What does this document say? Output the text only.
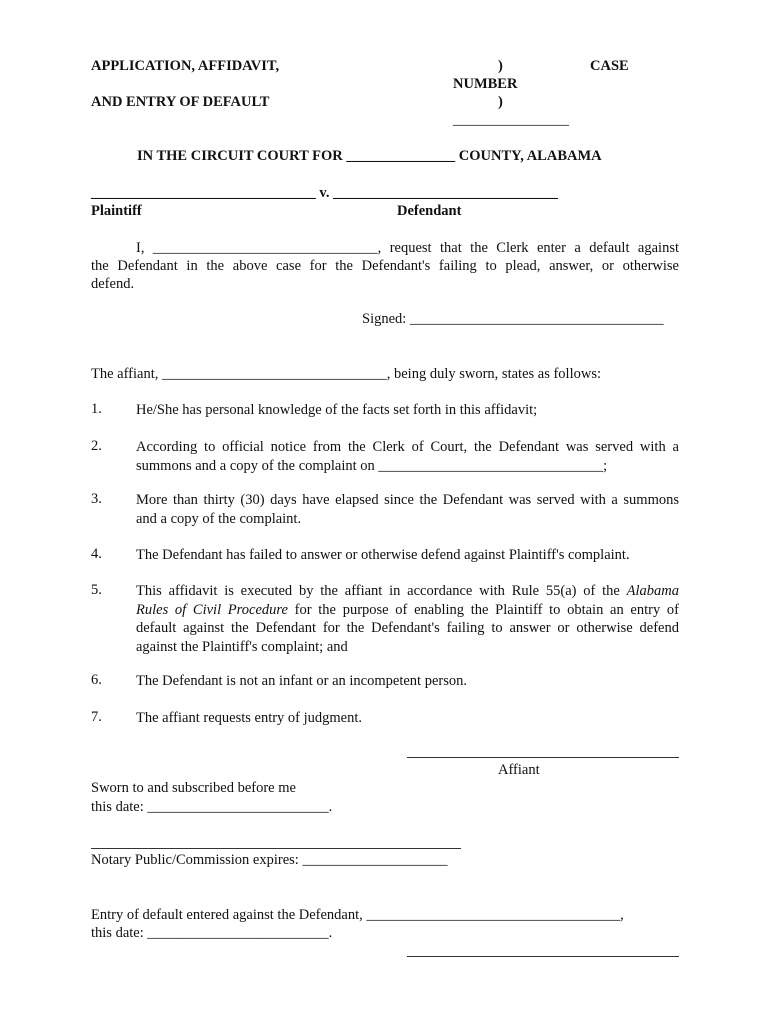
APPLICATION, AFFIDAVIT,
AND ENTRY OF DEFAULT
)	CASE
NUMBER
)
________________
IN THE CIRCUIT COURT FOR _______________ COUNTY, ALABAMA
_______________________________ v. _______________________________
Plaintiff	Defendant
I, _______________________________, request that the Clerk enter a default against
the Defendant in the above case for the Defendant's failing to plead, answer, or otherwise
defend.
Signed: ___________________________________
The affiant, _______________________________, being duly sworn, states as follows:
1. He/She has personal knowledge of the facts set forth in this affidavit;
2. According to official notice from the Clerk of Court, the Defendant was served with a
summons and a copy of the complaint on _______________________________;
3. More than thirty (30) days have elapsed since the Defendant was served with a summons
and a copy of the complaint.
4. The Defendant has failed to answer or otherwise defend against Plaintiff's complaint.
5. This affidavit is executed by the affiant in accordance with Rule 55(a) of the Alabama
Rules of Civil Procedure for the purpose of enabling the Plaintiff to obtain an entry of
default against the Defendant for the Defendant's failing to answer or otherwise defend
against the Plaintiff's complaint; and
6. The Defendant is not an infant or an incompetent person.
7. The affiant requests entry of judgment.
Affiant
Sworn to and subscribed before me
this date: _________________________.
Notary Public/Commission expires: ____________________
Entry of default entered against the Defendant, ___________________________________,
this date: _________________________.
